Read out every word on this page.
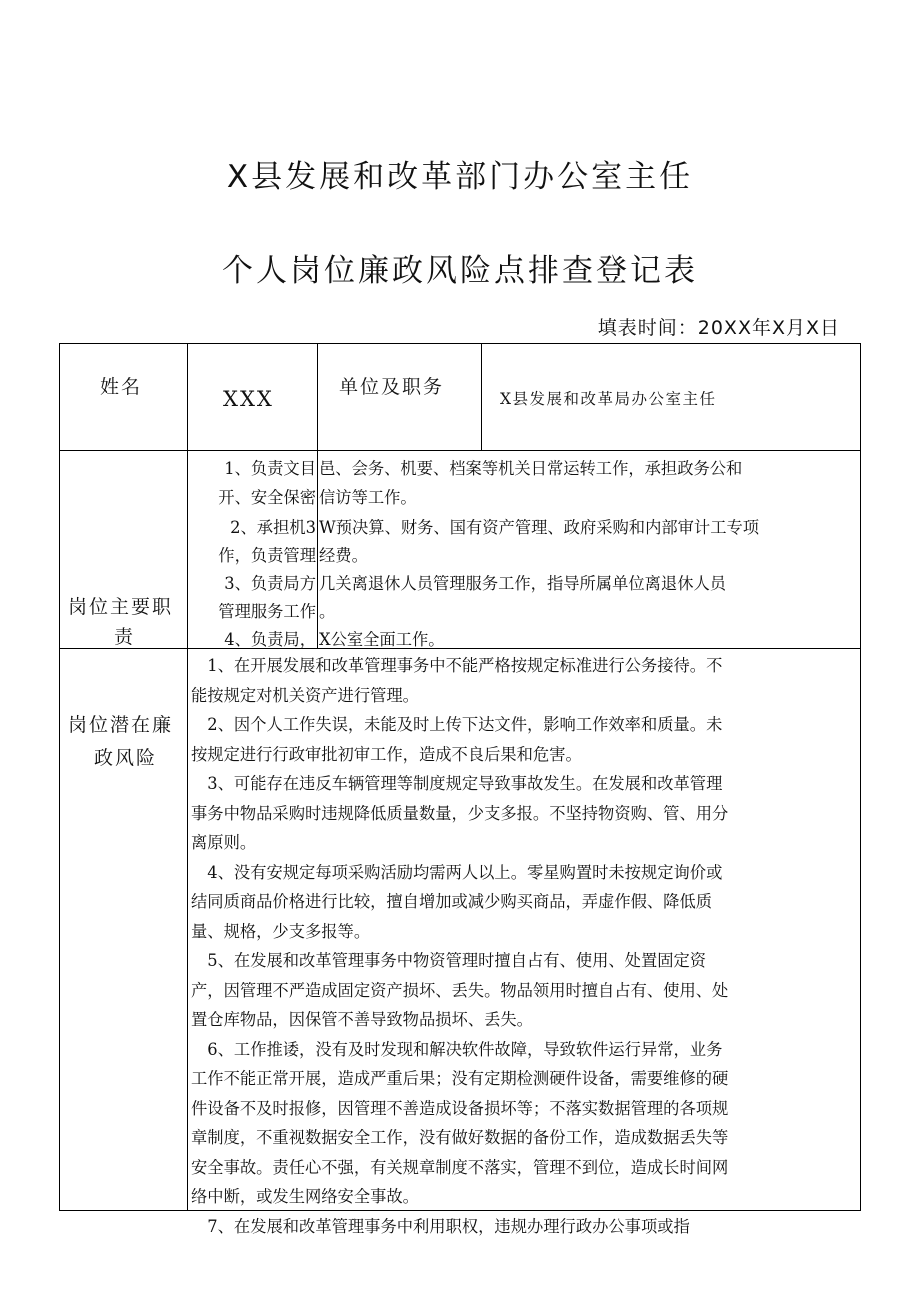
X县发展和改革部门办公室主任
个人岗位廉政风险点排查登记表
填表时间：20XX年X月X日
姓名	XXX	单位及职务
X县发展和改革局办公室主任
岗位主要职
责
1、负责文目
开、安全保密
2、承担机3
作，负责管理
3、负责局方
管理服务工作
4、负责局，
邑、会务、机要、档案等机关日常运转工作，承担政务公和
信访等工作。
W预决算、财务、国有资产管理、政府采购和内部审计工专项
经费。
几关离退休人员管理服务工作，指导所属单位离退休人员
。
X公室全面工作。
岗位潜在廉
政风险
　1、在开展发展和改革管理事务中不能严格按规定标准进行公务接待。不
能按规定对机关资产进行管理。
　2、因个人工作失误，未能及时上传下达文件，影响工作效率和质量。未
按规定进行行政审批初审工作，造成不良后果和危害。
　3、可能存在违反车辆管理等制度规定导致事故发生。在发展和改革管理
事务中物品采购时违规降低质量数量，少支多报。不坚持物资购、管、用分
离原则。
　4、没有安规定每项采购活励均需两人以上。零星购置时未按规定询价或
结同质商品价格进行比较，擅自增加或减少购买商品，弄虚作假、降低质
量、规格，少支多报等。
　5、在发展和改革管理事务中物资管理时擅自占有、使用、处置固定资
产，因管理不严造成固定资产损坏、丢失。物品领用时擅自占有、使用、处
置仓库物品，因保管不善导致物品损坏、丢失。
　6、工作推诿，没有及时发现和解决软件故障，导致软件运行异常，业务
工作不能正常开展，造成严重后果；没有定期检测硬件设备，需要维修的硬
件设备不及时报修，因管理不善造成设备损坏等；不落实数据管理的各项规
章制度，不重视数据安全工作，没有做好数据的备份工作，造成数据丢失等
安全事故。责任心不强，有关规章制度不落实，管理不到位，造成长时间网
络中断，或发生网络安全事故。
　7、在发展和改革管理事务中利用职权，违规办理行政办公事项或指
